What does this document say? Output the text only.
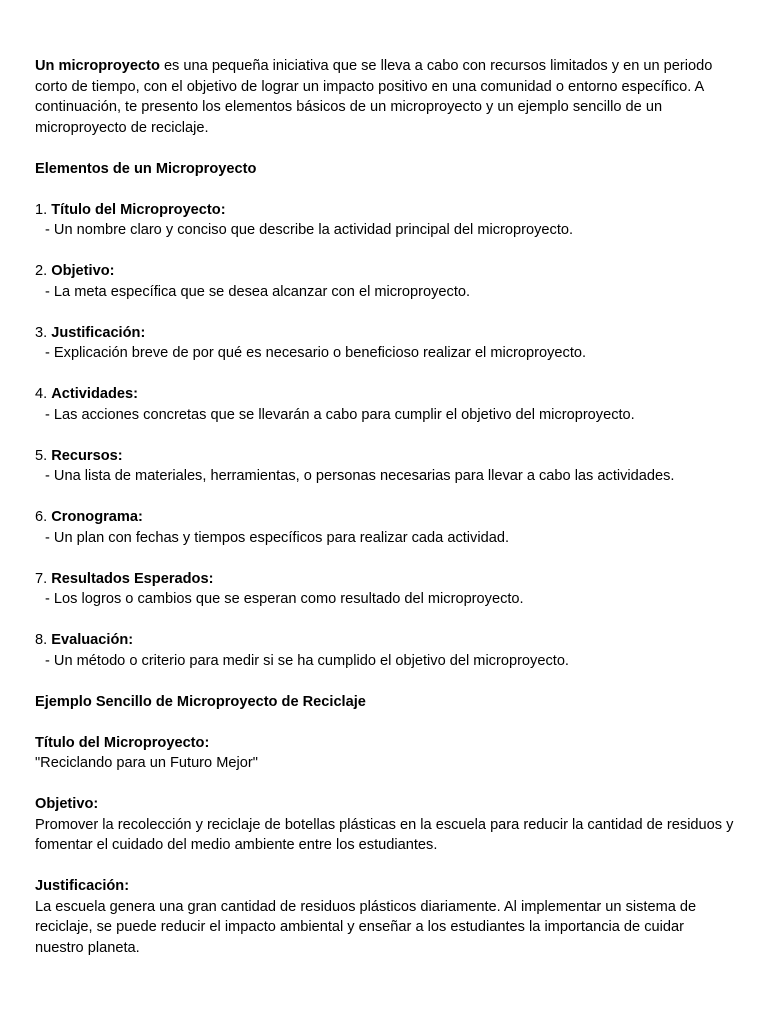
Un microproyecto es una pequeña iniciativa que se lleva a cabo con recursos limitados y en un periodo corto de tiempo, con el objetivo de lograr un impacto positivo en una comunidad o entorno específico. A continuación, te presento los elementos básicos de un microproyecto y un ejemplo sencillo de un microproyecto de reciclaje.

Elementos de un Microproyecto

1. Título del Microproyecto:
- Un nombre claro y conciso que describe la actividad principal del microproyecto.
2. Objetivo:
- La meta específica que se desea alcanzar con el microproyecto.
3. Justificación:
- Explicación breve de por qué es necesario o beneficioso realizar el microproyecto.
4. Actividades:
- Las acciones concretas que se llevarán a cabo para cumplir el objetivo del microproyecto.
5. Recursos:
- Una lista de materiales, herramientas, o personas necesarias para llevar a cabo las actividades.
6. Cronograma:
- Un plan con fechas y tiempos específicos para realizar cada actividad.
7. Resultados Esperados:
- Los logros o cambios que se esperan como resultado del microproyecto.
8. Evaluación:
- Un método o criterio para medir si se ha cumplido el objetivo del microproyecto.

Ejemplo Sencillo de Microproyecto de Reciclaje

Título del Microproyecto:
"Reciclando para un Futuro Mejor"
Objetivo:
Promover la recolección y reciclaje de botellas plásticas en la escuela para reducir la cantidad de residuos y fomentar el cuidado del medio ambiente entre los estudiantes.
Justificación:
La escuela genera una gran cantidad de residuos plásticos diariamente. Al implementar un sistema de reciclaje, se puede reducir el impacto ambiental y enseñar a los estudiantes la importancia de cuidar nuestro planeta.
